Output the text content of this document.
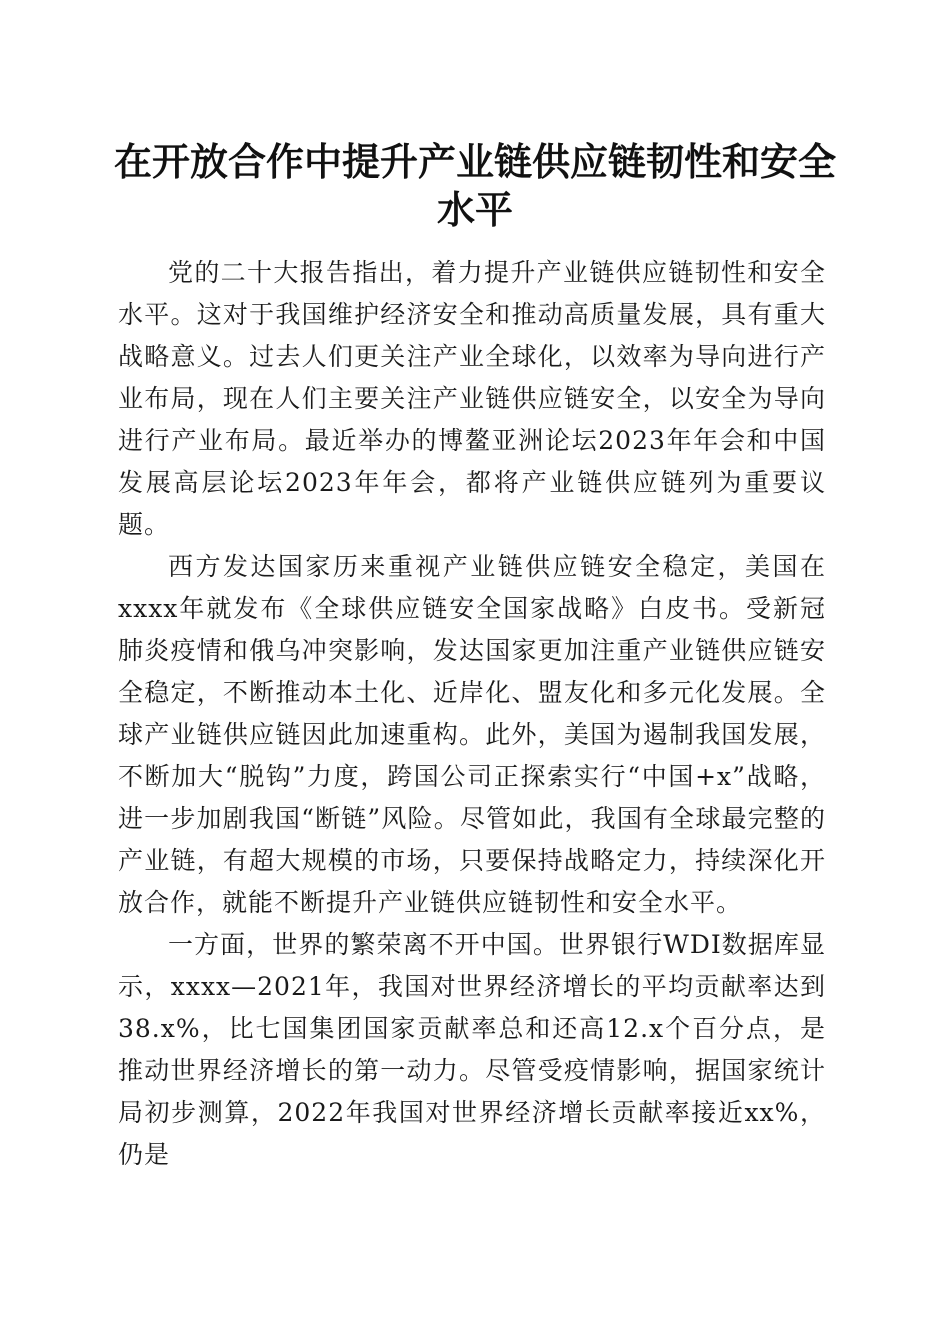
在开放合作中提升产业链供应链韧性和安全水平

党的二十大报告指出，着力提升产业链供应链韧性和安全水平。这对于我国维护经济安全和推动高质量发展，具有重大战略意义。过去人们更关注产业全球化，以效率为导向进行产业布局，现在人们主要关注产业链供应链安全，以安全为导向进行产业布局。最近举办的博鳌亚洲论坛2023年年会和中国发展高层论坛2023年年会，都将产业链供应链列为重要议题。

西方发达国家历来重视产业链供应链安全稳定，美国在xxxx年就发布《全球供应链安全国家战略》白皮书。受新冠肺炎疫情和俄乌冲突影响，发达国家更加注重产业链供应链安全稳定，不断推动本土化、近岸化、盟友化和多元化发展。全球产业链供应链因此加速重构。此外，美国为遏制我国发展，不断加大“脱钩”力度，跨国公司正探索实行“中国+x”战略，进一步加剧我国“断链”风险。尽管如此，我国有全球最完整的产业链，有超大规模的市场，只要保持战略定力，持续深化开放合作，就能不断提升产业链供应链韧性和安全水平。

一方面，世界的繁荣离不开中国。世界银行WDI数据库显示，xxxx—2021年，我国对世界经济增长的平均贡献率达到38.x%，比七国集团国家贡献率总和还高12.x个百分点，是推动世界经济增长的第一动力。尽管受疫情影响，据国家统计局初步测算，2022年我国对世界经济增长贡献率接近xx%，仍是
